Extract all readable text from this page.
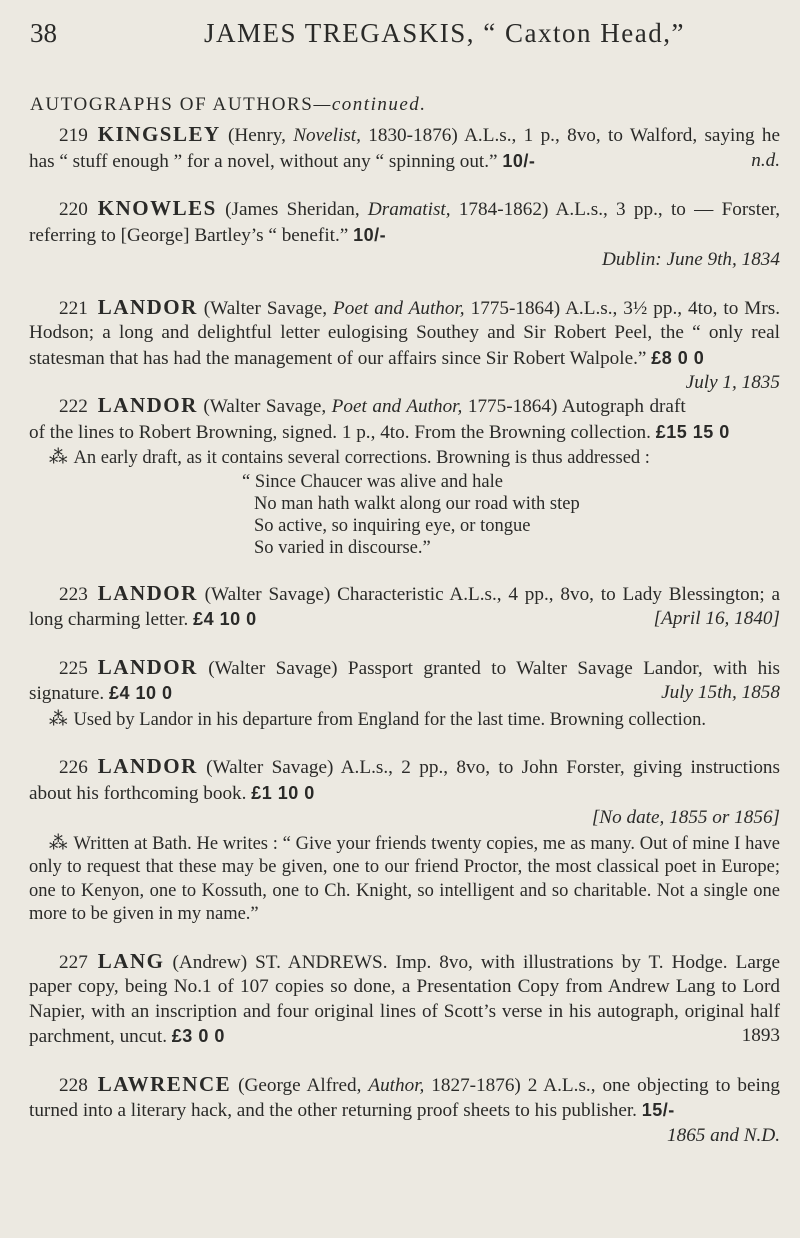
38	JAMES TREGASKIS, “ Caxton Head,”
AUTOGRAPHS OF AUTHORS—continued.
219 KINGSLEY (Henry, Novelist, 1830-1876) A.L.s., 1 p., 8vo, to Walford, saying he has “ stuff enough ” for a novel, without any “ spinning out.” 10/-	n.d.
220 KNOWLES (James Sheridan, Dramatist, 1784-1862) A.L.s., 3 pp., to — Forster, referring to [George] Bartley’s “ benefit.” 10/-
Dublin: June 9th, 1834
221 LANDOR (Walter Savage, Poet and Author, 1775-1864) A.L.s., 3½ pp., 4to, to Mrs. Hodson; a long and delightful letter eulogising Southey and Sir Robert Peel, the “ only real statesman that has had the management of our affairs since Sir Robert Walpole.” £8 0 0
July 1, 1835
222 LANDOR (Walter Savage, Poet and Author, 1775-1864) Autograph draft of the lines to Robert Browning, signed. 1 p., 4to. From the Browning collection. £15 15 0
⁂ An early draft, as it contains several corrections. Browning is thus addressed :
“ Since Chaucer was alive and hale
No man hath walkt along our road with step
So active, so inquiring eye, or tongue
So varied in discourse.”
223 LANDOR (Walter Savage) Characteristic A.L.s., 4 pp., 8vo, to Lady Blessington; a long charming letter. £4 10 0	[April 16, 1840]
225 LANDOR (Walter Savage) Passport granted to Walter Savage Landor, with his signature. £4 10 0	July 15th, 1858
⁂ Used by Landor in his departure from England for the last time. Browning collection.
226 LANDOR (Walter Savage) A.L.s., 2 pp., 8vo, to John Forster, giving instructions about his forthcoming book. £1 10 0
[No date, 1855 or 1856]
⁂ Written at Bath. He writes : “ Give your friends twenty copies, me as many. Out of mine I have only to request that these may be given, one to our friend Proctor, the most classical poet in Europe; one to Kenyon, one to Kossuth, one to Ch. Knight, so intelligent and so charitable. Not a single one more to be given in my name.”
227 LANG (Andrew) ST. ANDREWS. Imp. 8vo, with illustrations by T. Hodge. Large paper copy, being No.1 of 107 copies so done, a Presentation Copy from Andrew Lang to Lord Napier, with an inscription and four original lines of Scott’s verse in his autograph, original half parchment, uncut. £3 0 0	1893
228 LAWRENCE (George Alfred, Author, 1827-1876) 2 A.L.s., one objecting to being turned into a literary hack, and the other returning proof sheets to his publisher. 15/-
1865 and N.D.
